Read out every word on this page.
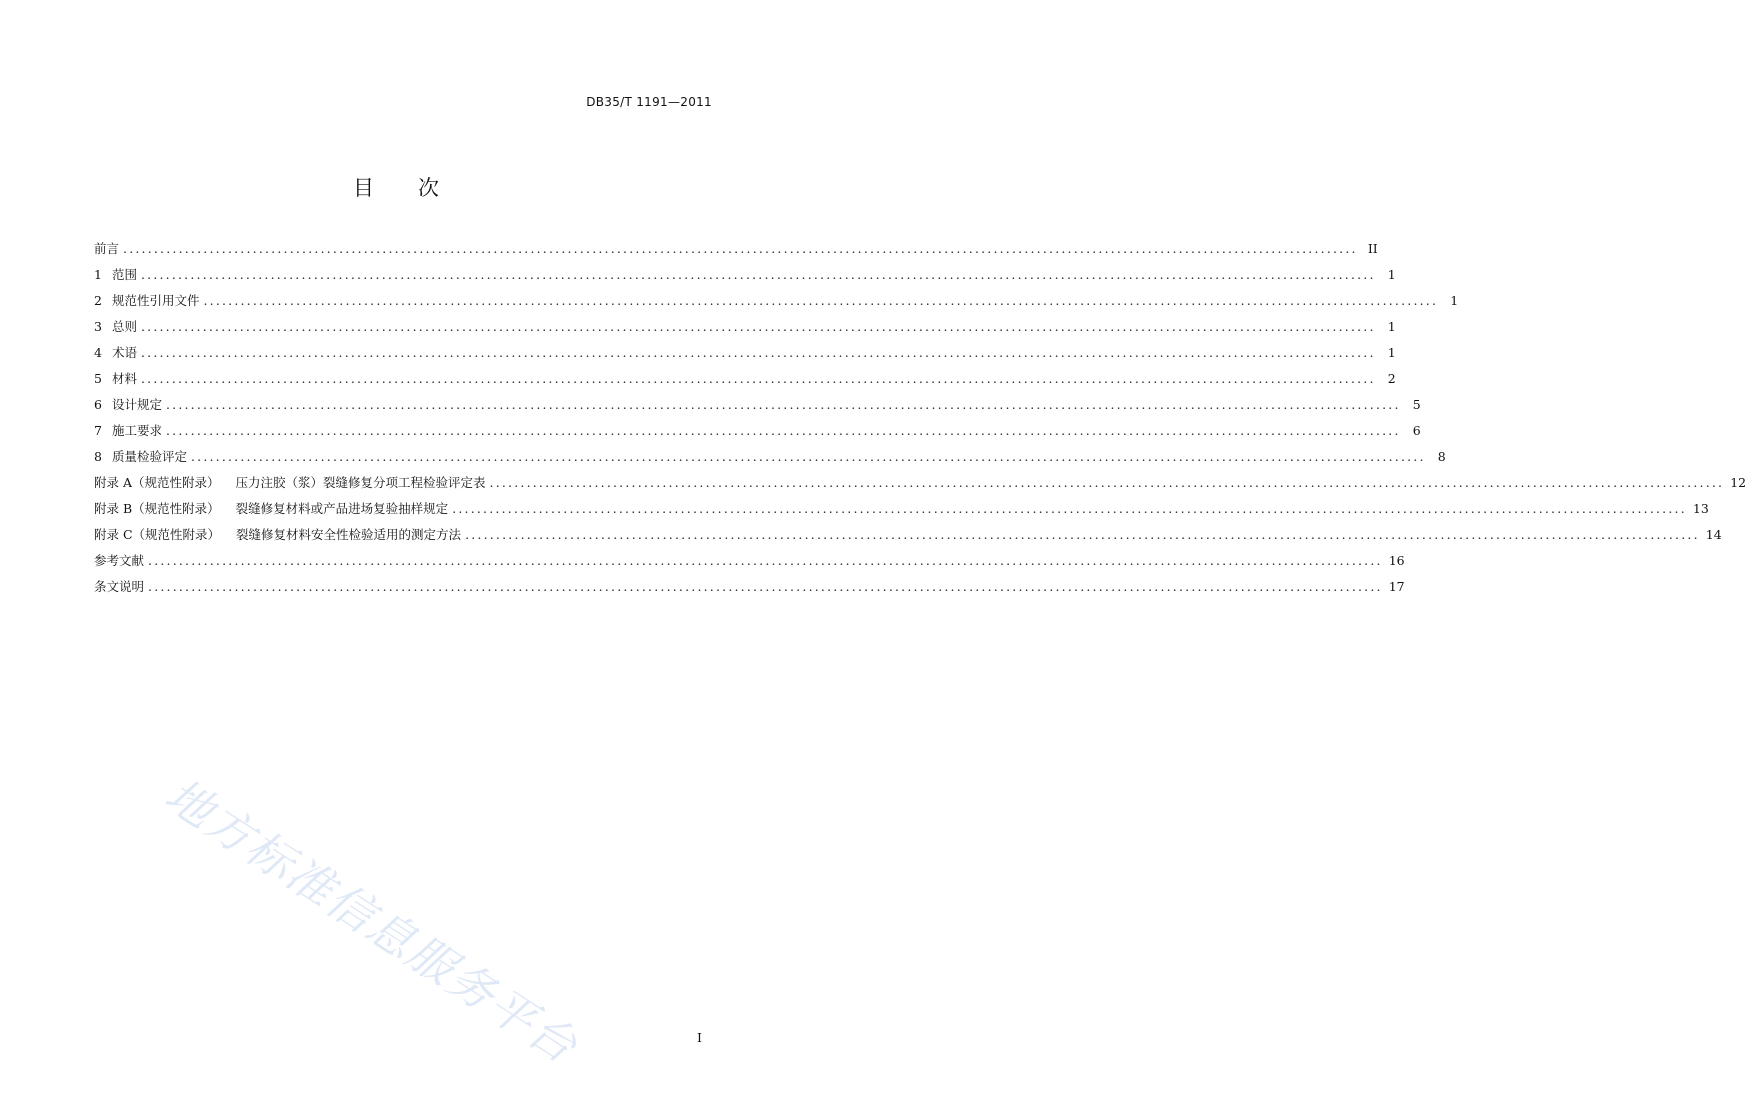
DB35/T 1191—2011
目 次
前言 ........................................................................................................................................................................................................ II
1 范围 ........................................................................................................................................................................................................ 1
2 规范性引用文件 ........................................................................................................................................................................................................ 1
3 总则 ........................................................................................................................................................................................................ 1
4 术语 ........................................................................................................................................................................................................ 1
5 材料 ........................................................................................................................................................................................................ 2
6 设计规定 ........................................................................................................................................................................................................ 5
7 施工要求 ........................................................................................................................................................................................................ 6
8 质量检验评定 ........................................................................................................................................................................................................ 8
附录 A（规范性附录） 压力注胶（浆）裂缝修复分项工程检验评定表 ........................................................................................................................................................................................................ 12
附录 B（规范性附录） 裂缝修复材料或产品进场复验抽样规定 ........................................................................................................................................................................................................ 13
附录 C（规范性附录） 裂缝修复材料安全性检验适用的测定方法 ........................................................................................................................................................................................................ 14
参考文献 ........................................................................................................................................................................................................ 16
条文说明 ........................................................................................................................................................................................................ 17
地方标准信息服务平台	I
